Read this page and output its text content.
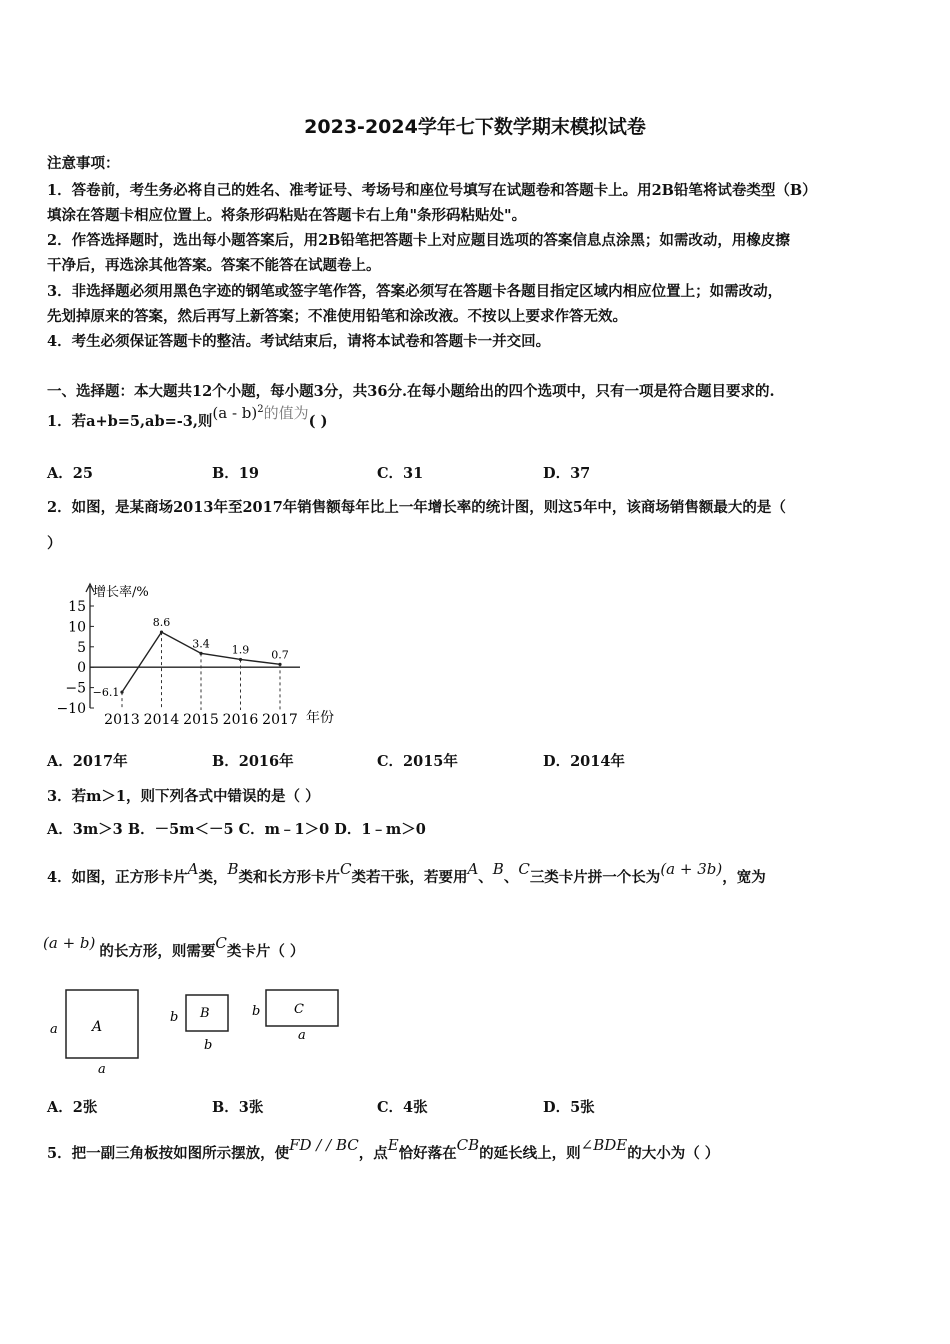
2023-2024学年七下数学期末模拟试卷
注意事项：
1．答卷前，考生务必将自己的姓名、准考证号、考场号和座位号填写在试题卷和答题卡上。用2B铅笔将试卷类型（B）
填涂在答题卡相应位置上。将条形码粘贴在答题卡右上角"条形码粘贴处"。
2．作答选择题时，选出每小题答案后，用2B铅笔把答题卡上对应题目选项的答案信息点涂黑；如需改动，用橡皮擦
干净后，再选涂其他答案。答案不能答在试题卷上。
3．非选择题必须用黑色字迹的钢笔或签字笔作答，答案必须写在答题卡各题目指定区域内相应位置上；如需改动，
先划掉原来的答案，然后再写上新答案；不准使用铅笔和涂改液。不按以上要求作答无效。
4．考生必须保证答题卡的整洁。考试结束后，请将本试卷和答题卡一并交回。
一、选择题：本大题共12个小题，每小题3分，共36分.在每小题给出的四个选项中，只有一项是符合题目要求的.
1．若a+b=5,ab=-3,则(a - b)$^2$的值为( )
A．25	B．19	C．31	D．37
2．如图，是某商场2013年至2017年销售额每年比上一年增长率的统计图，则这5年中，该商场销售额最大的是（
）
15
10
5
0
−5
−10
增长率/%
2013 2014 2015 2016 2017 年份
−6.1
8.6
3.4 1.9 0.7
A．2017年	B．2016年	C．2015年	D．2014年
3．若m＞1，则下列各式中错误的是（ ）
A．3m＞3 B．－5m＜－5 C．m﹣1＞0 D．1﹣m＞0
4．如图，正方形卡片A类，B类和长方形卡片C类若干张，若要用A、B、C三类卡片拼一个长为(a + 3b)，宽为
(a + b) 的长方形，则需要C类卡片（ ）
A
a
a
B
b
b
C
b
a
A．2张	B．3张	C．4张	D．5张
5．把一副三角板按如图所示摆放，使FD / / BC，点E恰好落在CB的延长线上，则∠BDE的大小为（ ）
